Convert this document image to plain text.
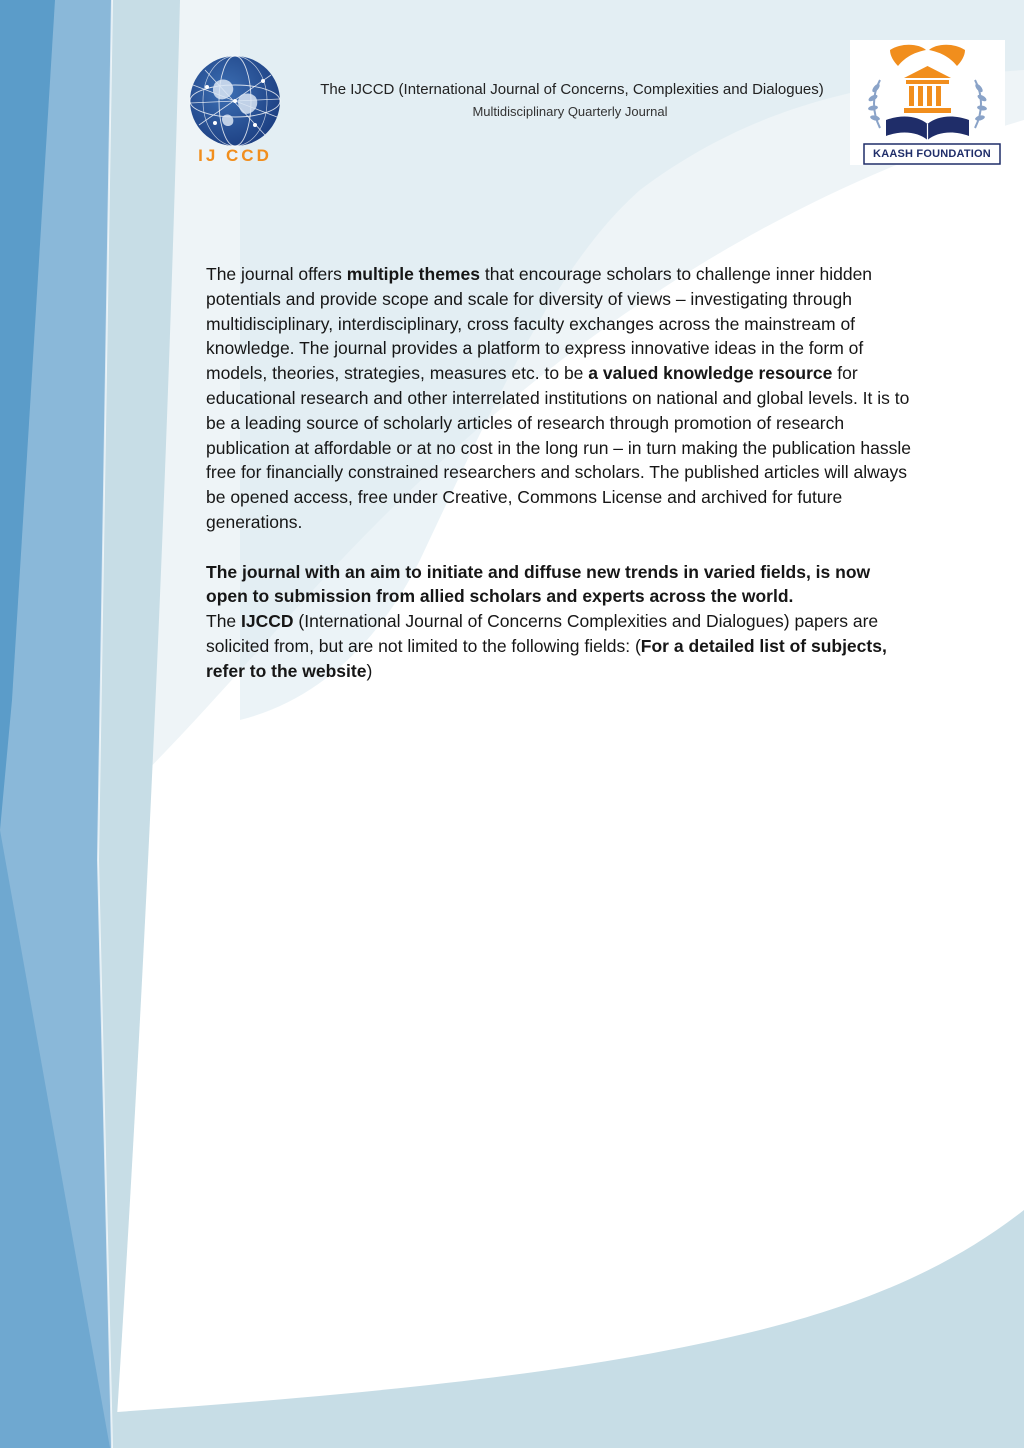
IJ CCD
The IJCCD (International Journal of Concerns, Complexities and Dialogues)
Multidisciplinary Quarterly Journal
KAASH FOUNDATION

The journal offers multiple themes that encourage scholars to challenge inner hidden potentials and provide scope and scale for diversity of views – investigating through multidisciplinary, interdisciplinary, cross faculty exchanges across the mainstream of knowledge. The journal provides a platform to express innovative ideas in the form of models, theories, strategies, measures etc. to be a valued knowledge resource for educational research and other interrelated institutions on national and global levels. It is to be a leading source of scholarly articles of research through promotion of research publication at affordable or at no cost in the long run – in turn making the publication hassle free for financially constrained researchers and scholars. The published articles will always be opened access, free under Creative, Commons License and archived for future generations.

The journal with an aim to initiate and diffuse new trends in varied fields, is now open to submission from allied scholars and experts across the world.
The IJCCD (International Journal of Concerns Complexities and Dialogues) papers are solicited from, but are not limited to the following fields: (For a detailed list of subjects, refer to the website)
